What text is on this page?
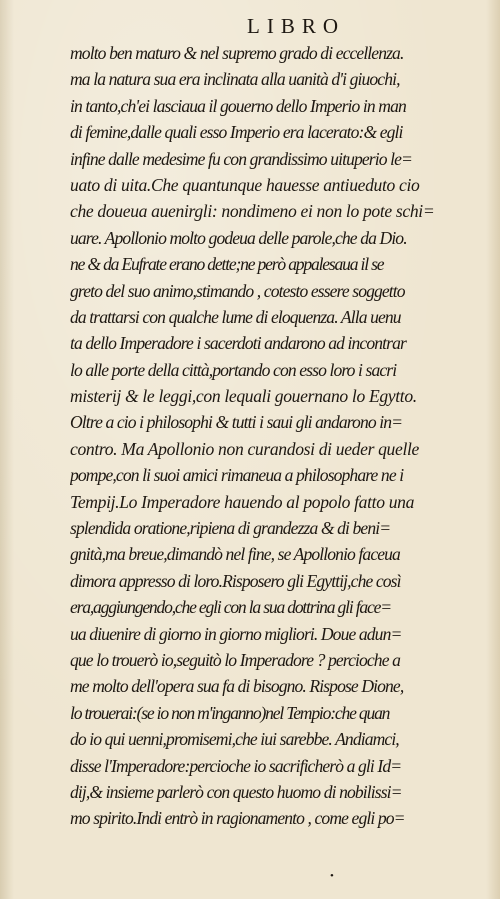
LIBRO
molto ben maturo & nel supremo grado di eccellenza.
ma la natura sua era inclinata alla uanità d'i giuochi,
in tanto,ch'ei lasciaua il gouerno dello Imperio in man
di femine,dalle quali esso Imperio era lacerato:& egli
infine dalle medesime fu con grandissimo uituperio le=
uato di uita.Che quantunque hauesse antiueduto cio
che doueua auenirgli: nondimeno ei non lo pote schi=
uare. Apollonio molto godeua delle parole,che da Dio.
ne & da Eufrate erano dette;ne però appalesaua il se
greto del suo animo,stimando , cotesto essere soggetto
da trattarsi con qualche lume di eloquenza. Alla uenu
ta dello Imperadore i sacerdoti andarono ad incontrar
lo alle porte della città,portando con esso loro i sacri
misterij & le leggi,con lequali gouernano lo Egytto.
Oltre a cio i philosophi & tutti i saui gli andarono in=
contro. Ma Apollonio non curandosi di ueder quelle
pompe,con li suoi amici rimaneua a philosophare ne i
Tempij.Lo Imperadore hauendo al popolo fatto una
splendida oratione,ripiena di grandezza & di beni=
gnità,ma breue,dimandò nel fine, se Apollonio faceua
dimora appresso di loro.Risposero gli Egyttij,che così
era,aggiungendo,che egli con la sua dottrina gli face=
ua diuenire di giorno in giorno migliori. Doue adun=
que lo trouerò io,seguitò lo Imperadore ? percioche a
me molto dell'opera sua fa di bisogno. Rispose Dione,
lo trouerai:(se io non m'inganno)nel Tempio:che quan
do io qui uenni,promisemi,che iui sarebbe. Andiamci,
disse l'Imperadore:percioche io sacrificherò a gli Id=
dij,& insieme parlerò con questo huomo di nobilissi=
mo spirito.Indi entrò in ragionamento , come egli po=
•
